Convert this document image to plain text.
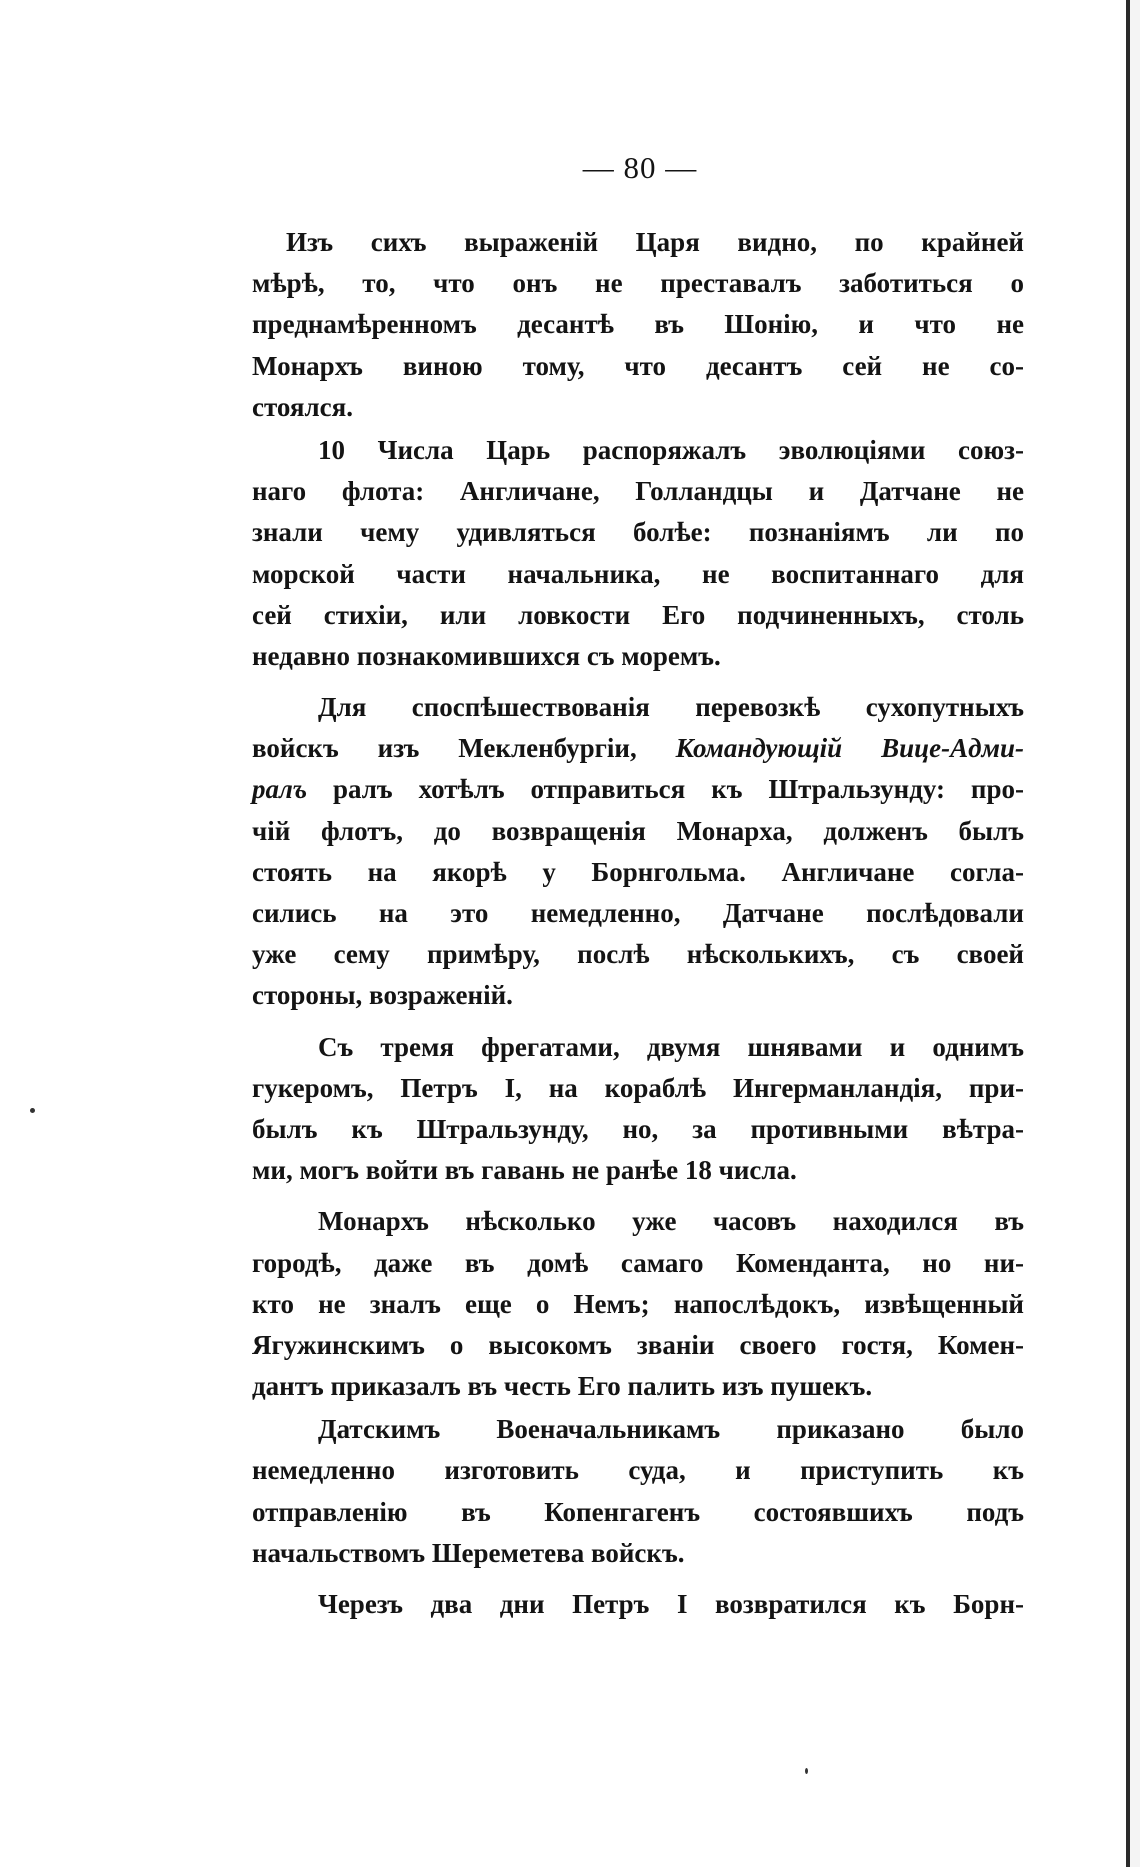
— 80 —
Изъ сихъ выраженій Царя видно, по крайней
мѣрѣ, то, что онъ не преставалъ заботиться о
преднамѣренномъ десантѣ въ Шонію, и что не
Монархъ виною тому, что десантъ сей не со-
стоялся.
10 Числа Царь распоряжалъ эволюціями союз-
наго флота: Англичане, Голландцы и Датчане не
знали чему удивляться болѣе: познаніямъ ли по
морской части начальника, не воспитаннаго для
сей стихіи, или ловкости Его подчиненныхъ, столь
недавно познакомившихся съ моремъ.
Для споспѣшествованія перевозкѣ сухопутныхъ
войскъ изъ Мекленбургіи, Командующій Вице-Адми-
ралъ ралъ хотѣлъ отправиться къ Штральзунду: про-
чій флотъ, до возвращенія Монарха, долженъ былъ
стоять на якорѣ у Борнгольма. Англичане согла-
сились на это немедленно, Датчане послѣдовали
уже сему примѣру, послѣ нѣсколькихъ, съ своей
стороны, возраженій.
Съ тремя фрегатами, двумя шнявами и однимъ
гукеромъ, Петръ I, на кораблѣ Ингерманландія, при-
былъ къ Штральзунду, но, за противными вѣтра-
ми, могъ войти въ гавань не ранѣе 18 числа.
Монархъ нѣсколько уже часовъ находился въ
городѣ, даже въ домѣ самаго Коменданта, но ни-
кто не зналъ еще о Немъ; напослѣдокъ, извѣщенный
Ягужинскимъ о высокомъ званіи своего гостя, Комен-
дантъ приказалъ въ честь Его палить изъ пушекъ.
Датскимъ Военачальникамъ приказано было
немедленно изготовить суда, и приступить къ
отправленію въ Копенгагенъ состоявшихъ подъ
начальствомъ Шереметева войскъ.
Черезъ два дни Петръ I возвратился къ Борн-
